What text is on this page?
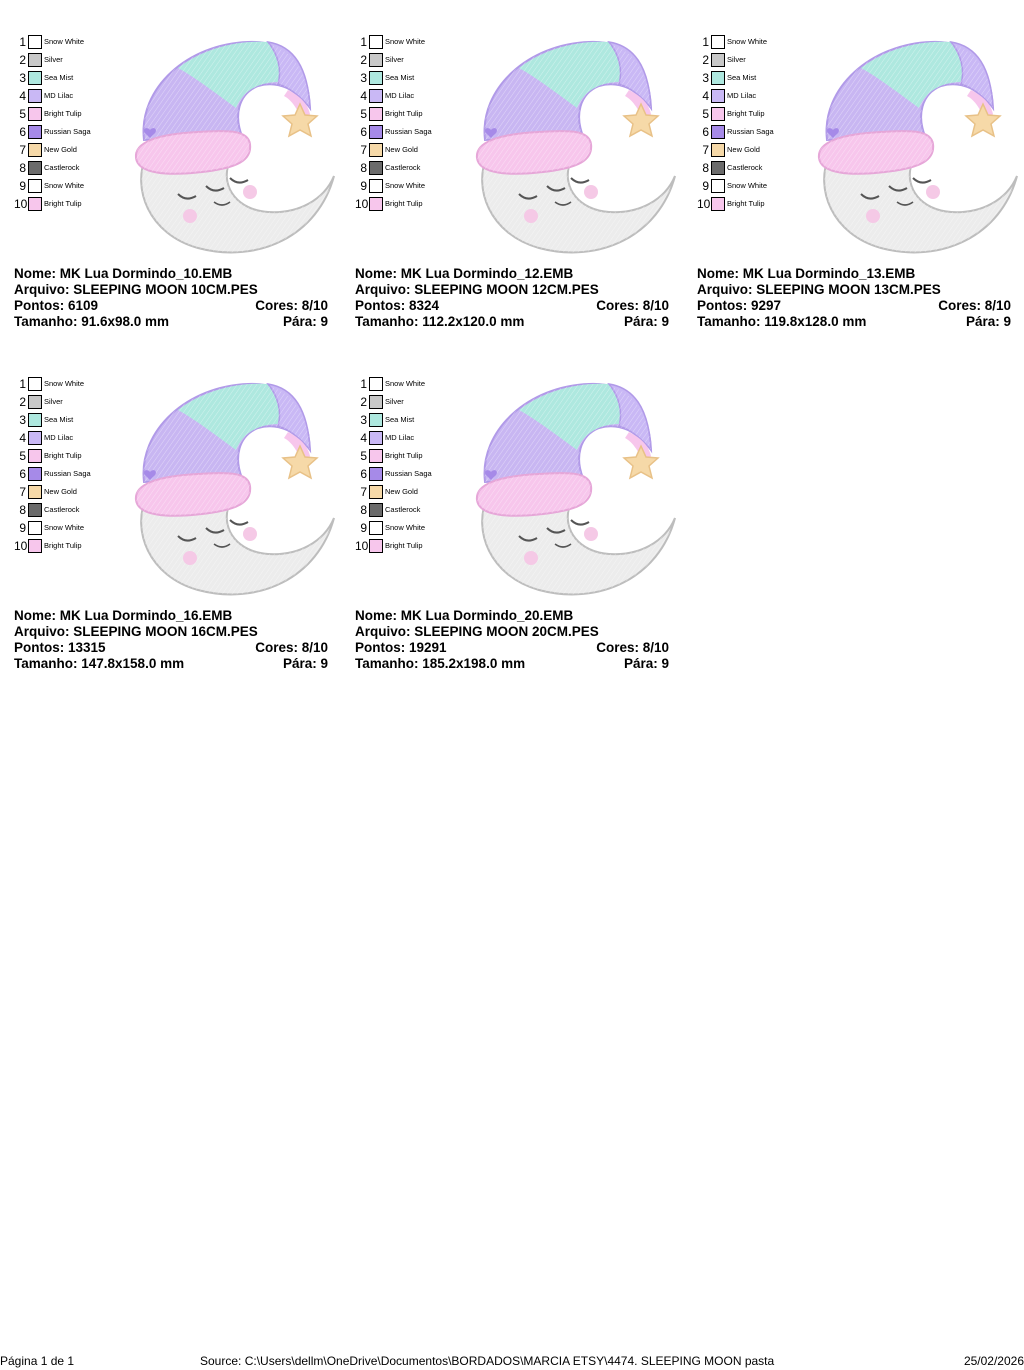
1 Snow White
2 Silver
3 Sea Mist
4 MD Lilac
5 Bright Tulip
6 Russian Saga
7 New Gold
8 Castlerock
9 Snow White
10 Bright Tulip
Nome: MK Lua Dormindo_10.EMB
Arquivo: SLEEPING MOON 10CM.PES
Pontos: 6109	Cores: 8/10
Tamanho: 91.6x98.0 mm	Pára: 9
1 Snow White
2 Silver
3 Sea Mist
4 MD Lilac
5 Bright Tulip
6 Russian Saga
7 New Gold
8 Castlerock
9 Snow White
10 Bright Tulip
Nome: MK Lua Dormindo_12.EMB
Arquivo: SLEEPING MOON 12CM.PES
Pontos: 8324	Cores: 8/10
Tamanho: 112.2x120.0 mm	Pára: 9
1 Snow White
2 Silver
3 Sea Mist
4 MD Lilac
5 Bright Tulip
6 Russian Saga
7 New Gold
8 Castlerock
9 Snow White
10 Bright Tulip
Nome: MK Lua Dormindo_13.EMB
Arquivo: SLEEPING MOON 13CM.PES
Pontos: 9297	Cores: 8/10
Tamanho: 119.8x128.0 mm	Pára: 9
1 Snow White
2 Silver
3 Sea Mist
4 MD Lilac
5 Bright Tulip
6 Russian Saga
7 New Gold
8 Castlerock
9 Snow White
10 Bright Tulip
Nome: MK Lua Dormindo_16.EMB
Arquivo: SLEEPING MOON 16CM.PES
Pontos: 13315	Cores: 8/10
Tamanho: 147.8x158.0 mm	Pára: 9
1 Snow White
2 Silver
3 Sea Mist
4 MD Lilac
5 Bright Tulip
6 Russian Saga
7 New Gold
8 Castlerock
9 Snow White
10 Bright Tulip
Nome: MK Lua Dormindo_20.EMB
Arquivo: SLEEPING MOON 20CM.PES
Pontos: 19291	Cores: 8/10
Tamanho: 185.2x198.0 mm	Pára: 9
Página 1 de 1	Source: C:\Users\dellm\OneDrive\Documentos\BORDADOS\MARCIA ETSY\4474. SLEEPING MOON pasta	25/02/2026
